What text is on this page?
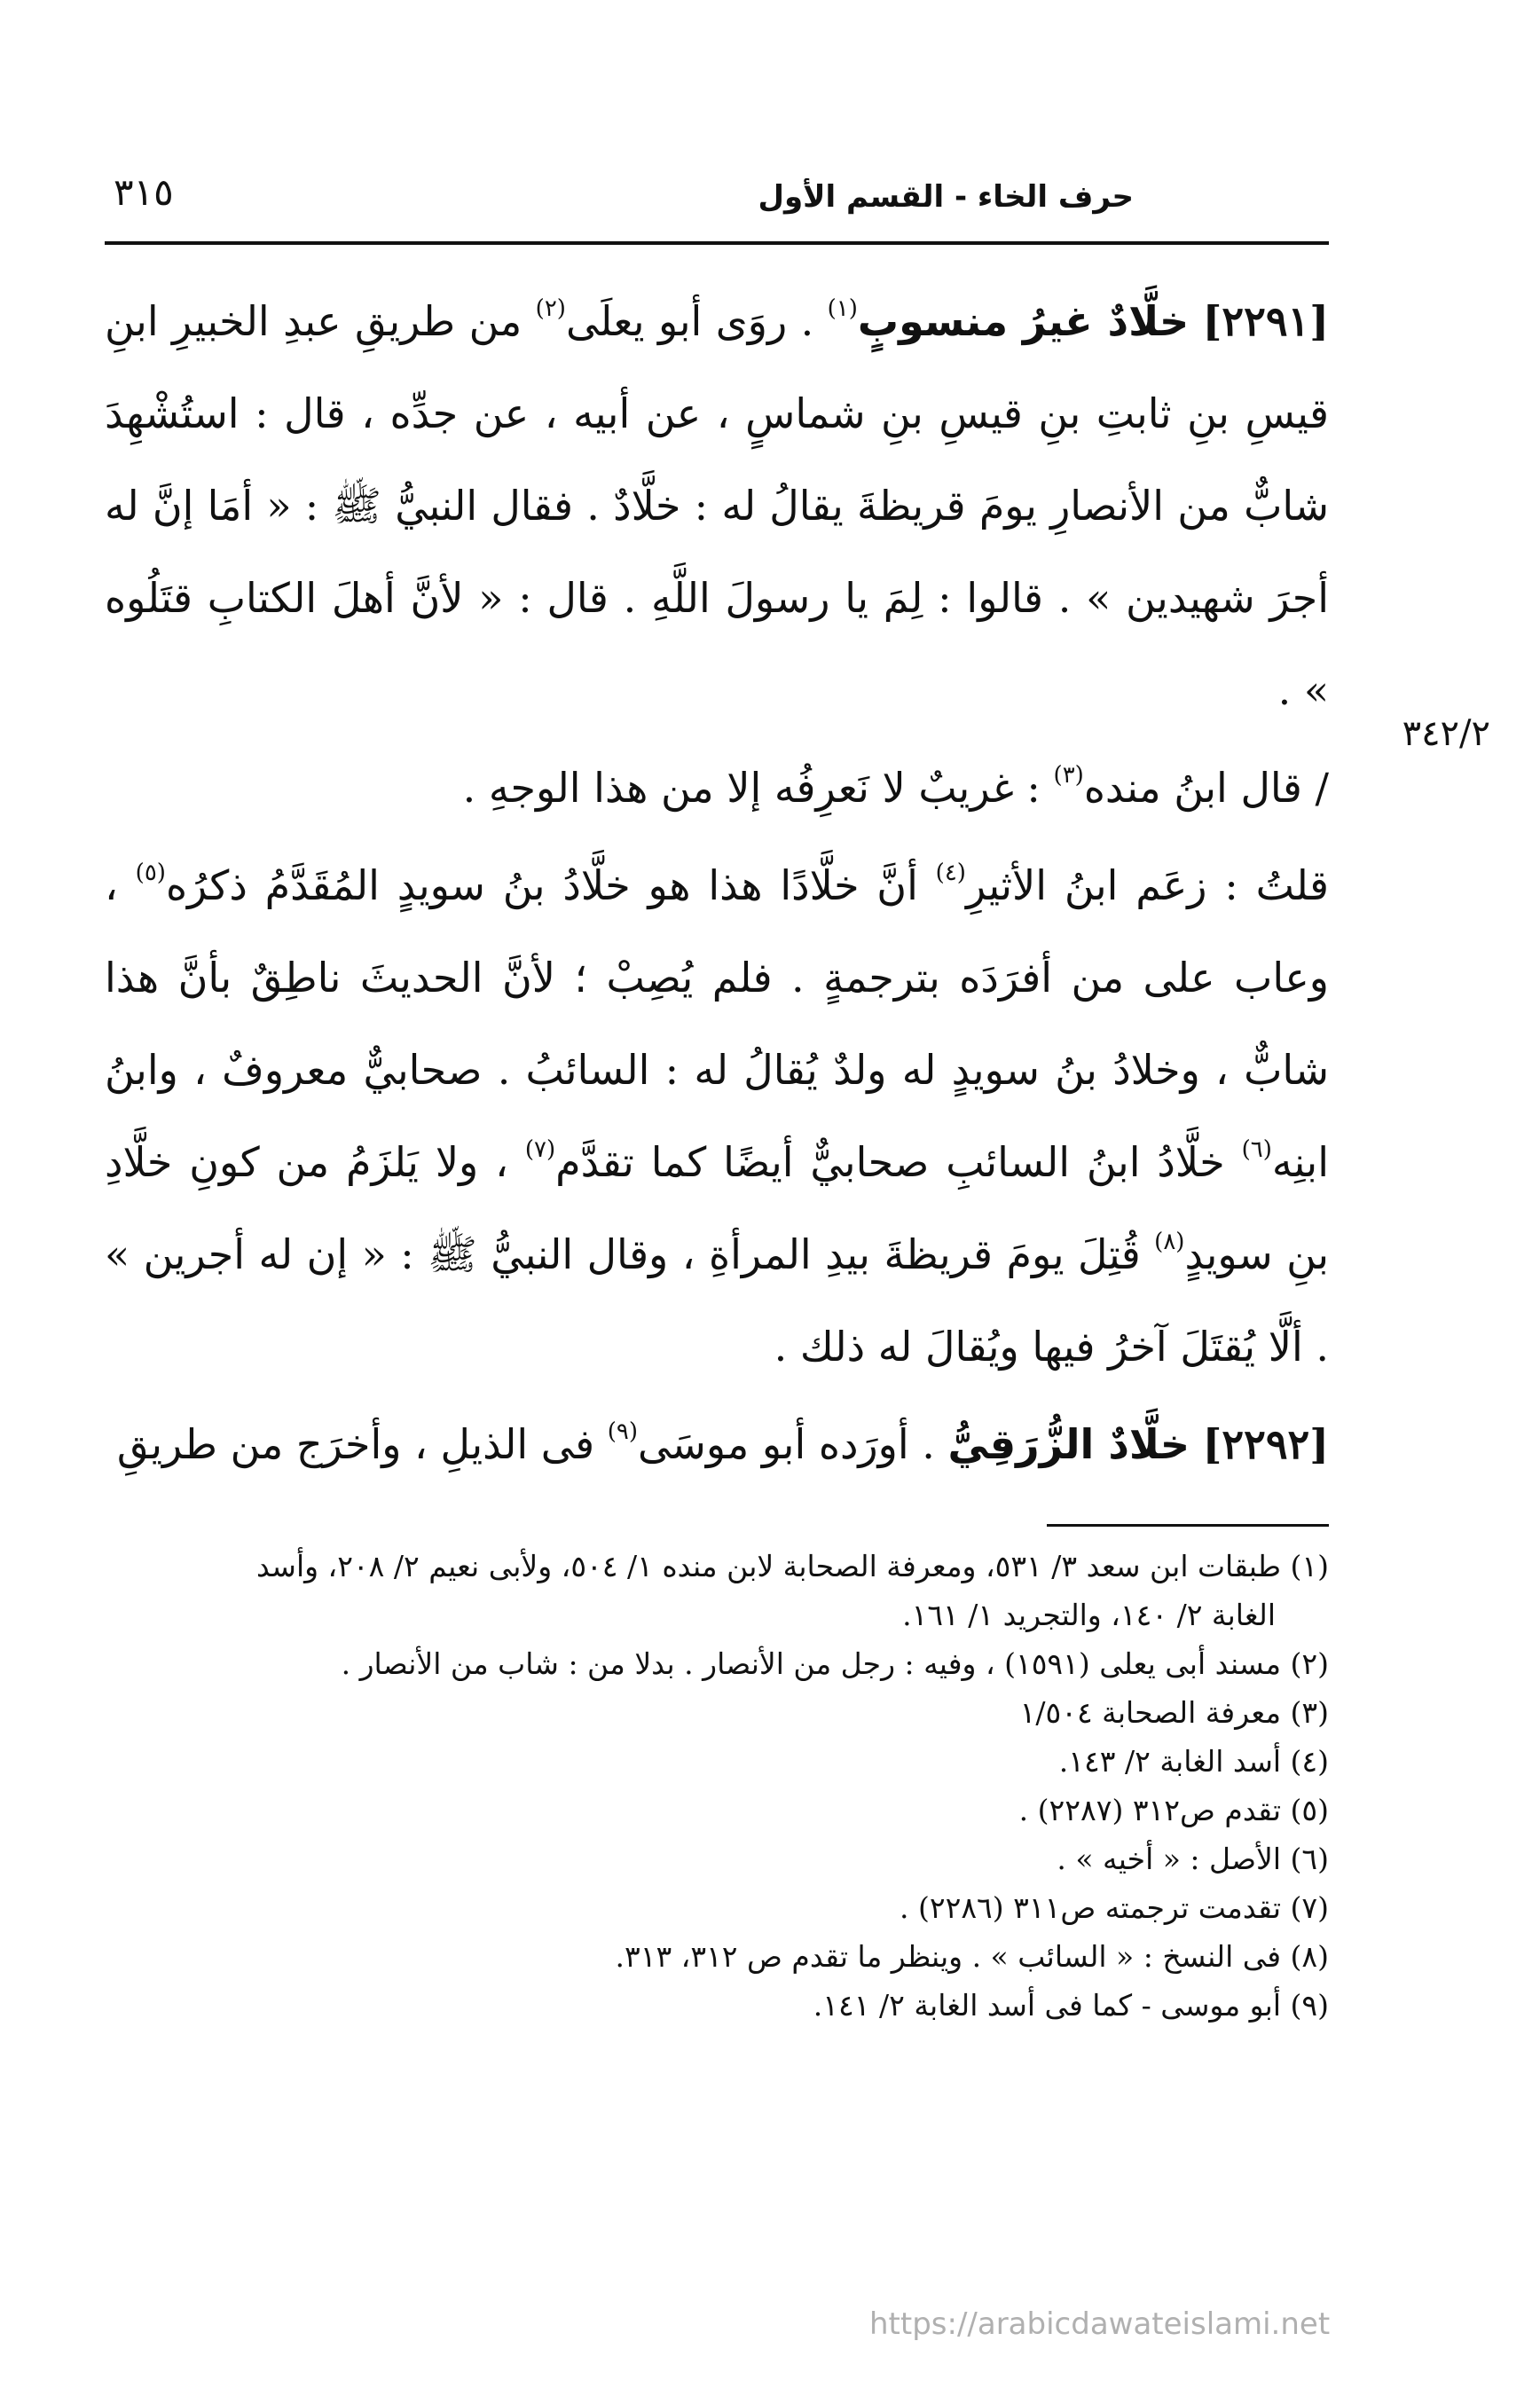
حرف الخاء - القسم الأول
٣١٥

[٢٢٩١] خلَّادٌ غيرُ منسوبٍ$^{(١)}$ . روَى أبو يعلَى$^{(٢)}$ من طريقِ عبدِ الخبيرِ ابنِ قيسِ بنِ ثابتِ بنِ قيسِ بنِ شماسٍ ، عن أبيه ، عن جدِّه ، قال : استُشْهِدَ شابٌّ من الأنصارِ يومَ قريظةَ يقالُ له : خلَّادٌ . فقال النبيُّ ﷺ : « أمَا إنَّ له أجرَ شهيدين » . قالوا : لِمَ يا رسولَ اللَّهِ . قال : « لأنَّ أهلَ الكتابِ قتَلُوه » .

/ قال ابنُ منده$^{(٣)}$ : غريبٌ لا نَعرِفُه إلا من هذا الوجهِ .

قلتُ : زعَم ابنُ الأثيرِ$^{(٤)}$ أنَّ خلَّادًا هذا هو خلَّادُ بنُ سويدٍ المُقَدَّمُ ذكرُه$^{(٥)}$ ، وعاب على من أفرَدَه بترجمةٍ . فلم يُصِبْ ؛ لأنَّ الحديثَ ناطِقٌ بأنَّ هذا شابٌّ ، وخلادُ بنُ سويدٍ له ولدٌ يُقالُ له : السائبُ . صحابيٌّ معروفٌ ، وابنُ ابنِه$^{(٦)}$ خلَّادُ ابنُ السائبِ صحابيٌّ أيضًا كما تقدَّم$^{(٧)}$ ، ولا يَلزَمُ من كونِ خلَّادِ بنِ سويدٍ$^{(٨)}$ قُتِلَ يومَ قريظةَ بيدِ المرأةِ ، وقال النبيُّ ﷺ : « إن له أجرين » . ألَّا يُقتَلَ آخرُ فيها ويُقالَ له ذلك .

[٢٢٩٢] خلَّادٌ الزُّرَقِيُّ . أورَده أبو موسَى$^{(٩)}$ فى الذيلِ ، وأخرَج من طريقِ

٣٤٢/٢
(١) طبقات ابن سعد ٣/ ٥٣١، ومعرفة الصحابة لابن منده ١/ ٥٠٤، ولأبى نعيم ٢/ ٢٠٨، وأسد
الغابة ٢/ ١٤٠، والتجريد ١/ ١٦١.
(٢) مسند أبى يعلى (١٥٩١) ، وفيه : رجل من الأنصار . بدلا من : شاب من الأنصار .
(٣) معرفة الصحابة ١/٥٠٤
(٤) أسد الغابة ٢/ ١٤٣.
(٥) تقدم ص٣١٢ (٢٢٨٧) .
(٦) الأصل : « أخيه » .
(٧) تقدمت ترجمته ص٣١١ (٢٢٨٦) .
(٨) فى النسخ : « السائب » . وينظر ما تقدم ص ٣١٢، ٣١٣.
(٩) أبو موسى - كما فى أسد الغابة ٢/ ١٤١.
https://arabicdawateislami.net
